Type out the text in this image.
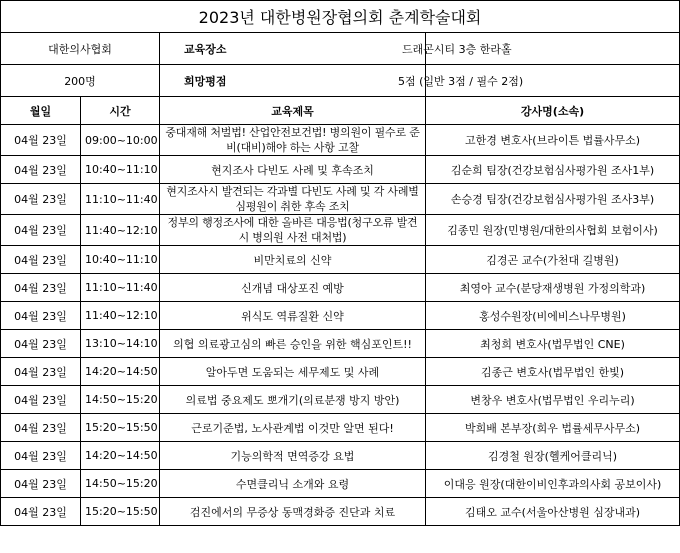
2023년 대한병원장협의회 춘계학술대회			
대한의사협회		교육장소	드래곤시티 3층 한라홀
200명		희망평점	5점 (일반 3점 / 필수 2점)
월일	시간	교육제목	강사명(소속)
04월 23일	09:00~10:00	중대재해 처벌법! 산업안전보건법! 병의원이 필수로 준비(대비)해야 하는 사항 고찰	고한경 변호사(브라이튼 법률사무소)
04월 23일	10:40~11:10	현지조사 다빈도 사례 및 후속조치	김순희 팀장(건강보험심사평가원 조사1부)
04월 23일	11:10~11:40	현지조사시 발견되는 각과별 다빈도 사례 및 각 사례별 심평원이 취한 후속 조치	손승경 팀장(건강보험심사평가원 조사3부)
04월 23일	11:40~12:10	정부의 행정조사에 대한 올바른 대응법(청구오류 발견시 병의원 사전 대처법)	김종민 원장(민병원/대한의사협회 보험이사)
04월 23일	10:40~11:10	비만치료의 신약	김경곤 교수(가천대 길병원)
04월 23일	11:10~11:40	신개념 대상포진 예방	최영아 교수(분당재생병원 가정의학과)
04월 23일	11:40~12:10	위식도 역류질환 신약	홍성수원장(비에비스나무병원)
04월 23일	13:10~14:10	의협 의료광고심의 빠른 승인을 위한 핵심포인트!!	최청희 변호사(법무법인 CNE)
04월 23일	14:20~14:50	알아두면 도움되는 세무제도 및 사례	김종근 변호사(법무법인 한빛)
04월 23일	14:50~15:20	의료법 중요제도 뽀개기(의료분쟁 방지 방안)	변창우 변호사(법무법인 우리누리)
04월 23일	15:20~15:50	근로기준법, 노사관계법 이것만 알면 된다!	박희배 본부장(희우 법률세무사무소)
04월 23일	14:20~14:50	기능의학적 면역증강 요법	김경철 원장(헬케어클리닉)
04월 23일	14:50~15:20	수면클리닉 소개와 요령	이대응 원장(대한이비인후과의사회 공보이사)
04월 23일	15:20~15:50	검진에서의 무증상 동맥경화증 진단과 치료	김태오 교수(서울아산병원 심장내과)
